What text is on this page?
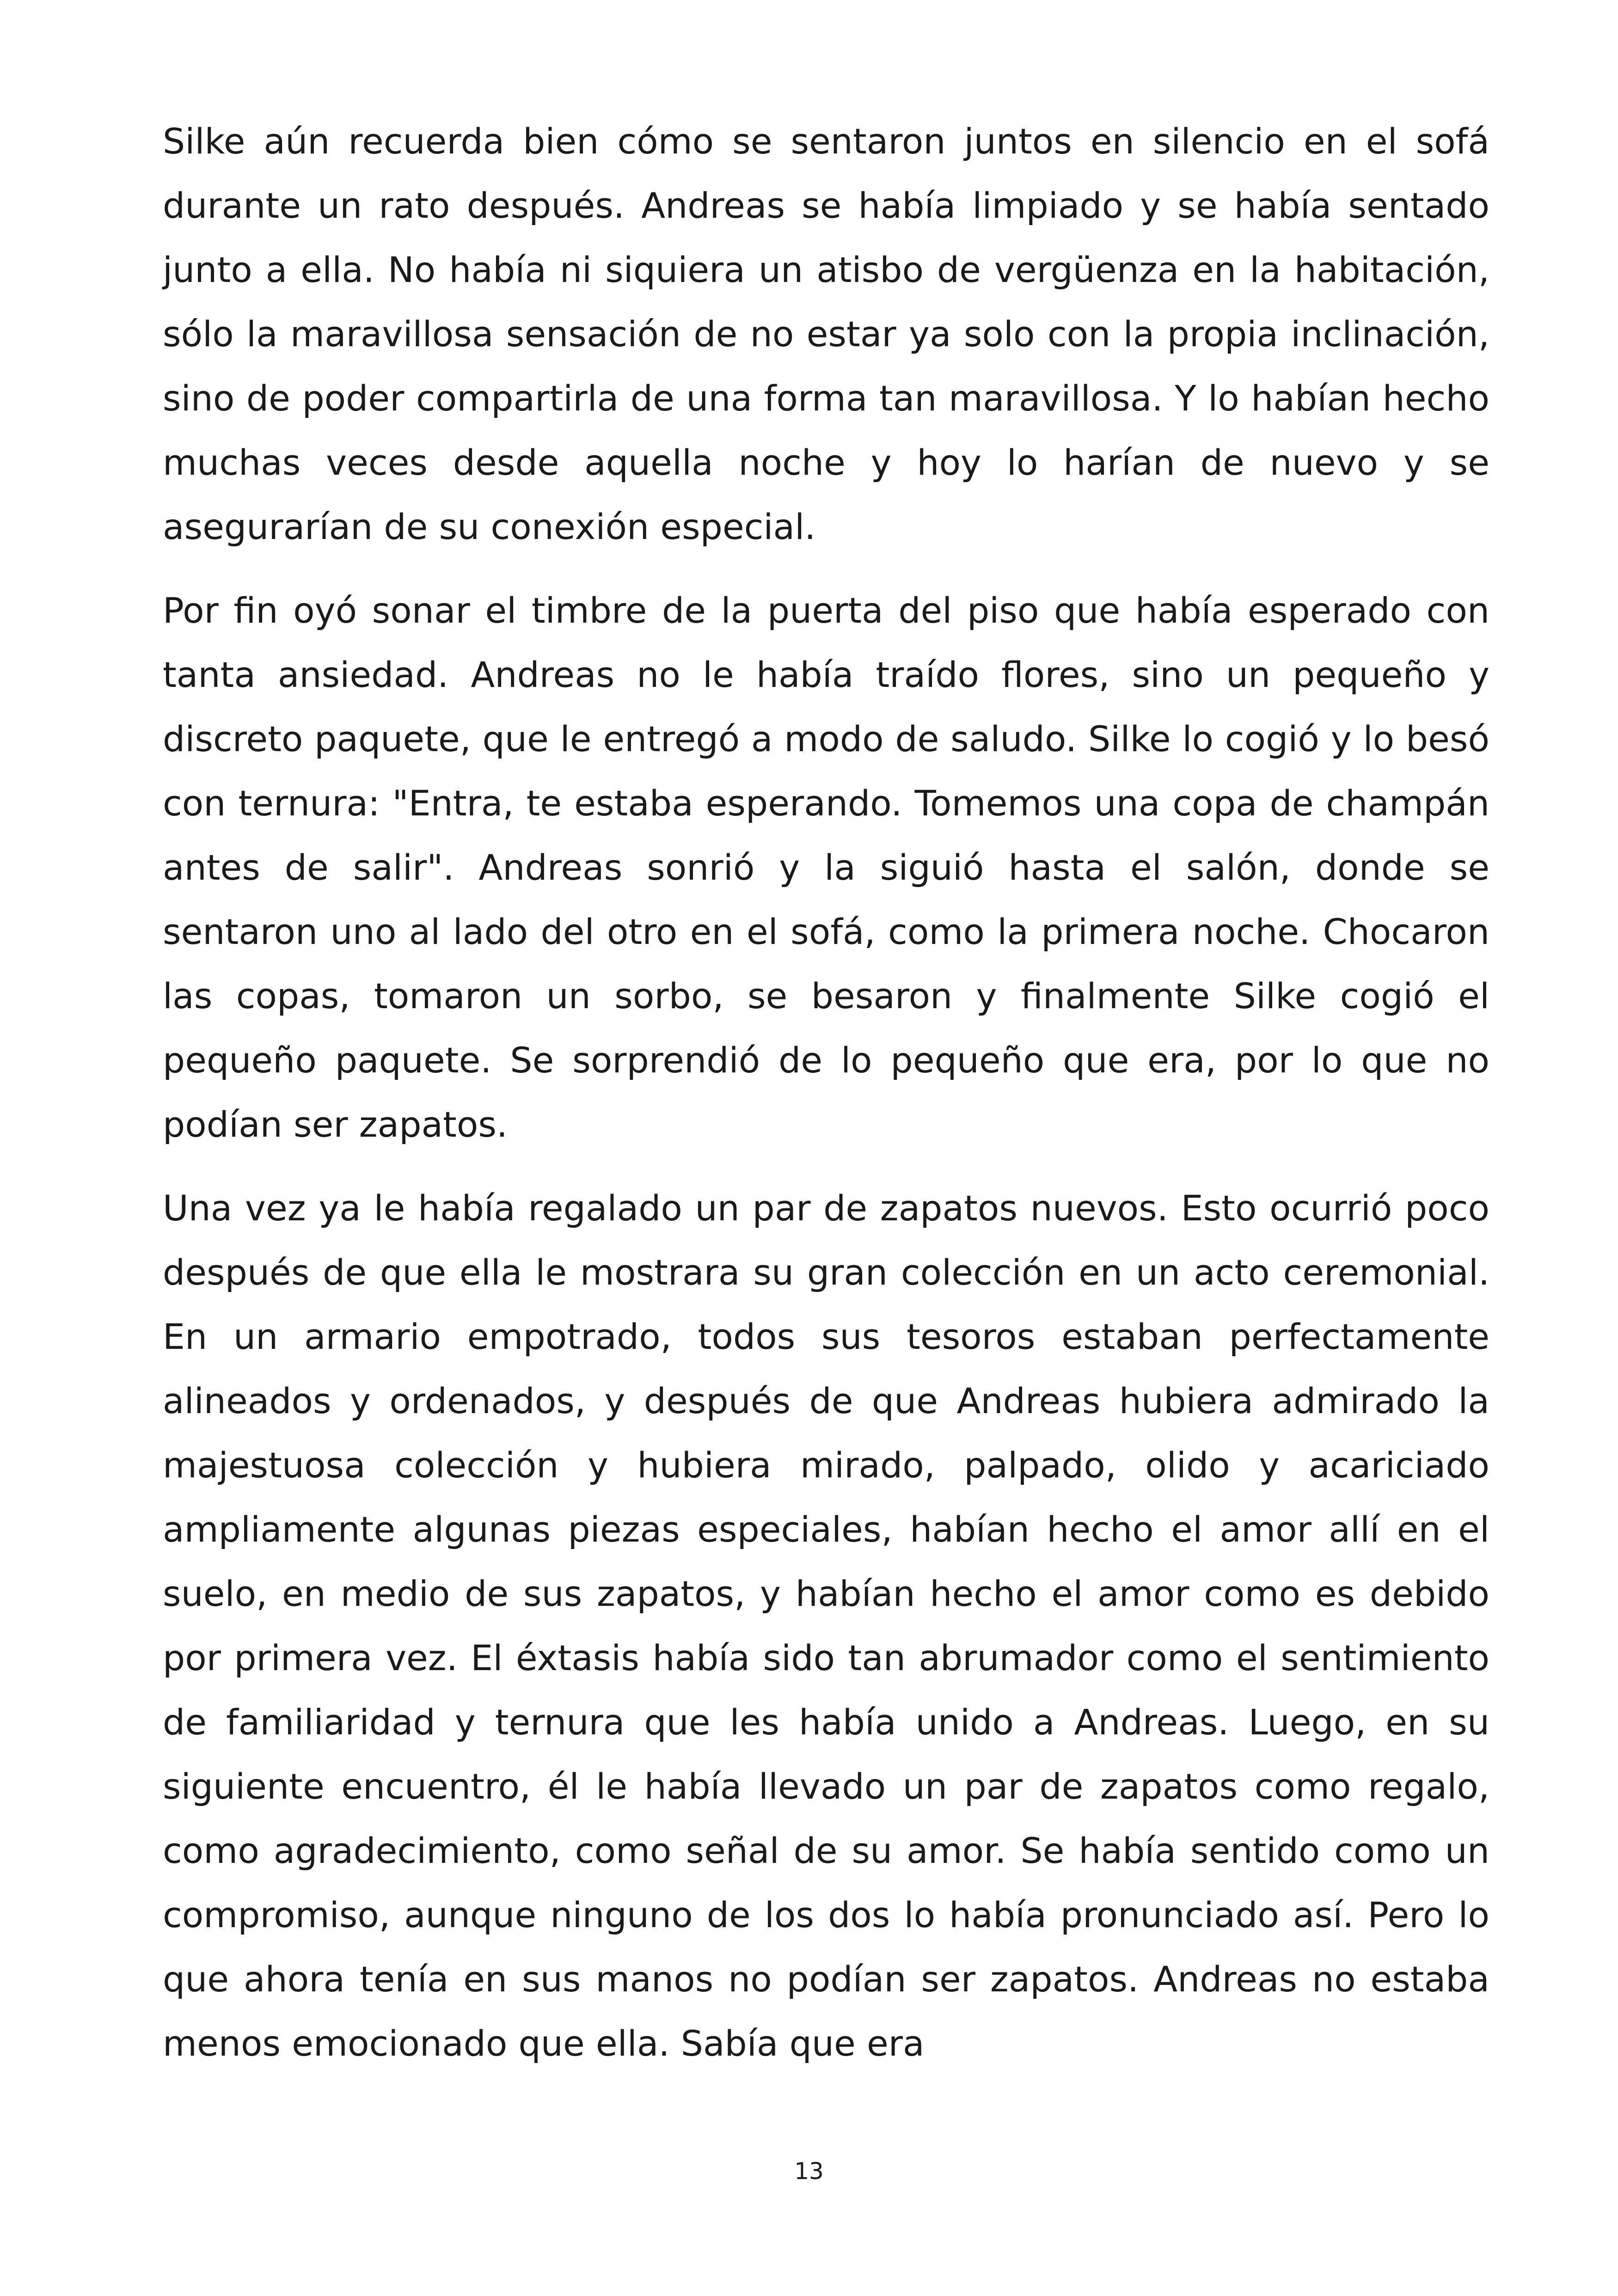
Silke aún recuerda bien cómo se sentaron juntos en silencio en el sofá durante un rato después. Andreas se había limpiado y se había sentado junto a ella. No había ni siquiera un atisbo de vergüenza en la habitación, sólo la maravillosa sensación de no estar ya solo con la propia inclinación, sino de poder compartirla de una forma tan maravillosa. Y lo habían hecho muchas veces desde aquella noche y hoy lo harían de nuevo y se asegurarían de su conexión especial.

Por fin oyó sonar el timbre de la puerta del piso que había esperado con tanta ansiedad. Andreas no le había traído flores, sino un pequeño y discreto paquete, que le entregó a modo de saludo. Silke lo cogió y lo besó con ternura: "Entra, te estaba esperando. Tomemos una copa de champán antes de salir". Andreas sonrió y la siguió hasta el salón, donde se sentaron uno al lado del otro en el sofá, como la primera noche. Chocaron las copas, tomaron un sorbo, se besaron y finalmente Silke cogió el pequeño paquete. Se sorprendió de lo pequeño que era, por lo que no podían ser zapatos.

Una vez ya le había regalado un par de zapatos nuevos. Esto ocurrió poco después de que ella le mostrara su gran colección en un acto ceremonial. En un armario empotrado, todos sus tesoros estaban perfectamente alineados y ordenados, y después de que Andreas hubiera admirado la majestuosa colección y hubiera mirado, palpado, olido y acariciado ampliamente algunas piezas especiales, habían hecho el amor allí en el suelo, en medio de sus zapatos, y habían hecho el amor como es debido por primera vez. El éxtasis había sido tan abrumador como el sentimiento de familiaridad y ternura que les había unido a Andreas. Luego, en su siguiente encuentro, él le había llevado un par de zapatos como regalo, como agradecimiento, como señal de su amor. Se había sentido como un compromiso, aunque ninguno de los dos lo había pronunciado así. Pero lo que ahora tenía en sus manos no podían ser zapatos. Andreas no estaba menos emocionado que ella. Sabía que era

13
